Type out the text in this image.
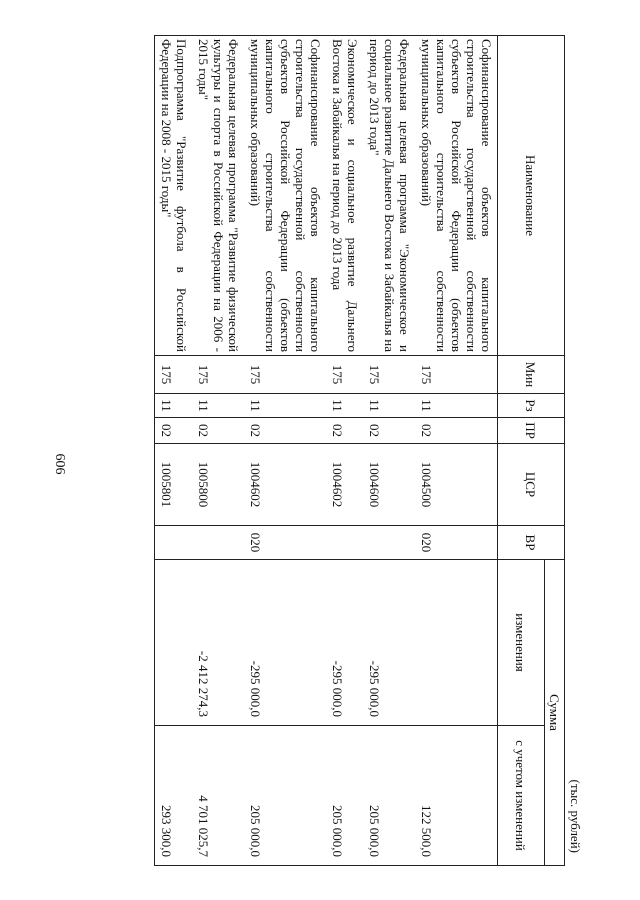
606
(тыс. рублей)
Наименование	Мин	Рз	ПР	ЦСР	ВР	Сумма	
						изменения	с учетом изменений
Софинансирование объектов капитального строительства государственной собственности субъектов Российской Федерации (объектов капитального строительства собственности муниципальных образований)	175	11	02	1004500	020		122 500,0
Федеральная целевая программа "Экономическое и социальное развитие Дальнего Востока и Забайкалья на период до 2013 года"	175	11	02	1004600		-295 000,0	205 000,0
Экономическое и социальное развитие Дальнего Востока и Забайкалья на период до 2013 года	175	11	02	1004602		-295 000,0	205 000,0
Софинансирование объектов капитального строительства государственной собственности субъектов Российской Федерации (объектов капитального строительства собственности муниципальных образований)	175	11	02	1004602	020	-295 000,0	205 000,0
Федеральная целевая программа "Развитие физической культуры и спорта в Российской Федерации на 2006 - 2015 годы"	175	11	02	1005800		-2 412 274,3	4 701 025,7
Подпрограмма "Развитие футбола в Российской Федерации на 2008 - 2015 годы"	175	11	02	1005801			293 300,0
